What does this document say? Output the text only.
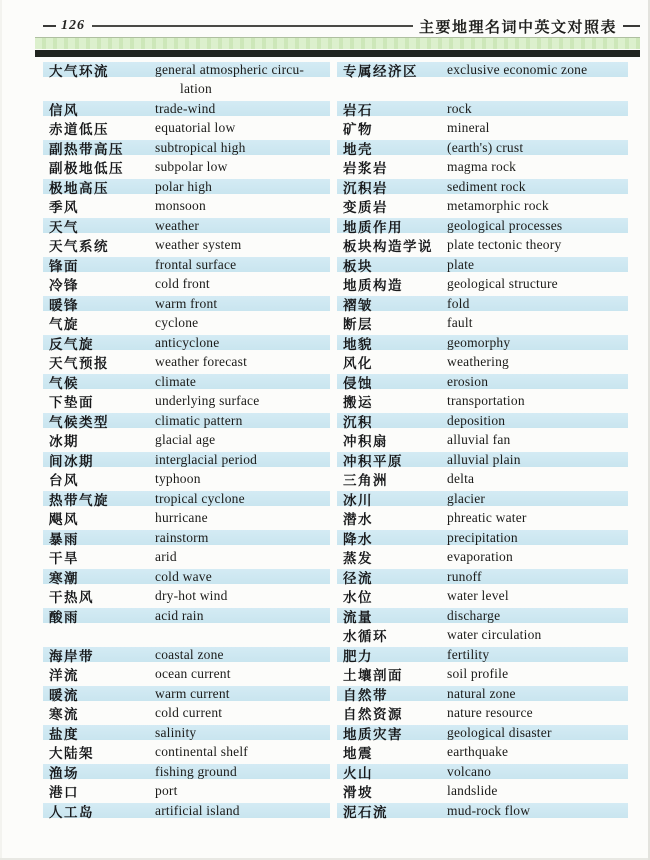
126	主要地理名词中英文对照表
大气环流	general atmospheric circu-
lation
信风	trade-wind
赤道低压	equatorial low
副热带高压	subtropical high
副极地低压	subpolar low
极地高压	polar high
季风	monsoon
天气	weather
天气系统	weather system
锋面	frontal surface
冷锋	cold front
暖锋	warm front
气旋	cyclone
反气旋	anticyclone
天气预报	weather forecast
气候	climate
下垫面	underlying surface
气候类型	climatic pattern
冰期	glacial age
间冰期	interglacial period
台风	typhoon
热带气旋	tropical cyclone
飓风	hurricane
暴雨	rainstorm
干旱	arid
寒潮	cold wave
干热风	dry-hot wind
酸雨	acid rain
海岸带	coastal zone
洋流	ocean current
暖流	warm current
寒流	cold current
盐度	salinity
大陆架	continental shelf
渔场	fishing ground
港口	port
人工岛	artificial island
专属经济区	exclusive economic zone
岩石	rock
矿物	mineral
地壳	(earth's) crust
岩浆岩	magma rock
沉积岩	sediment rock
变质岩	metamorphic rock
地质作用	geological processes
板块构造学说	plate tectonic theory
板块	plate
地质构造	geological structure
褶皱	fold
断层	fault
地貌	geomorphy
风化	weathering
侵蚀	erosion
搬运	transportation
沉积	deposition
冲积扇	alluvial fan
冲积平原	alluvial plain
三角洲	delta
冰川	glacier
潜水	phreatic water
降水	precipitation
蒸发	evaporation
径流	runoff
水位	water level
流量	discharge
水循环	water circulation
肥力	fertility
土壤剖面	soil profile
自然带	natural zone
自然资源	nature resource
地质灾害	geological disaster
地震	earthquake
火山	volcano
滑坡	landslide
泥石流	mud-rock flow
